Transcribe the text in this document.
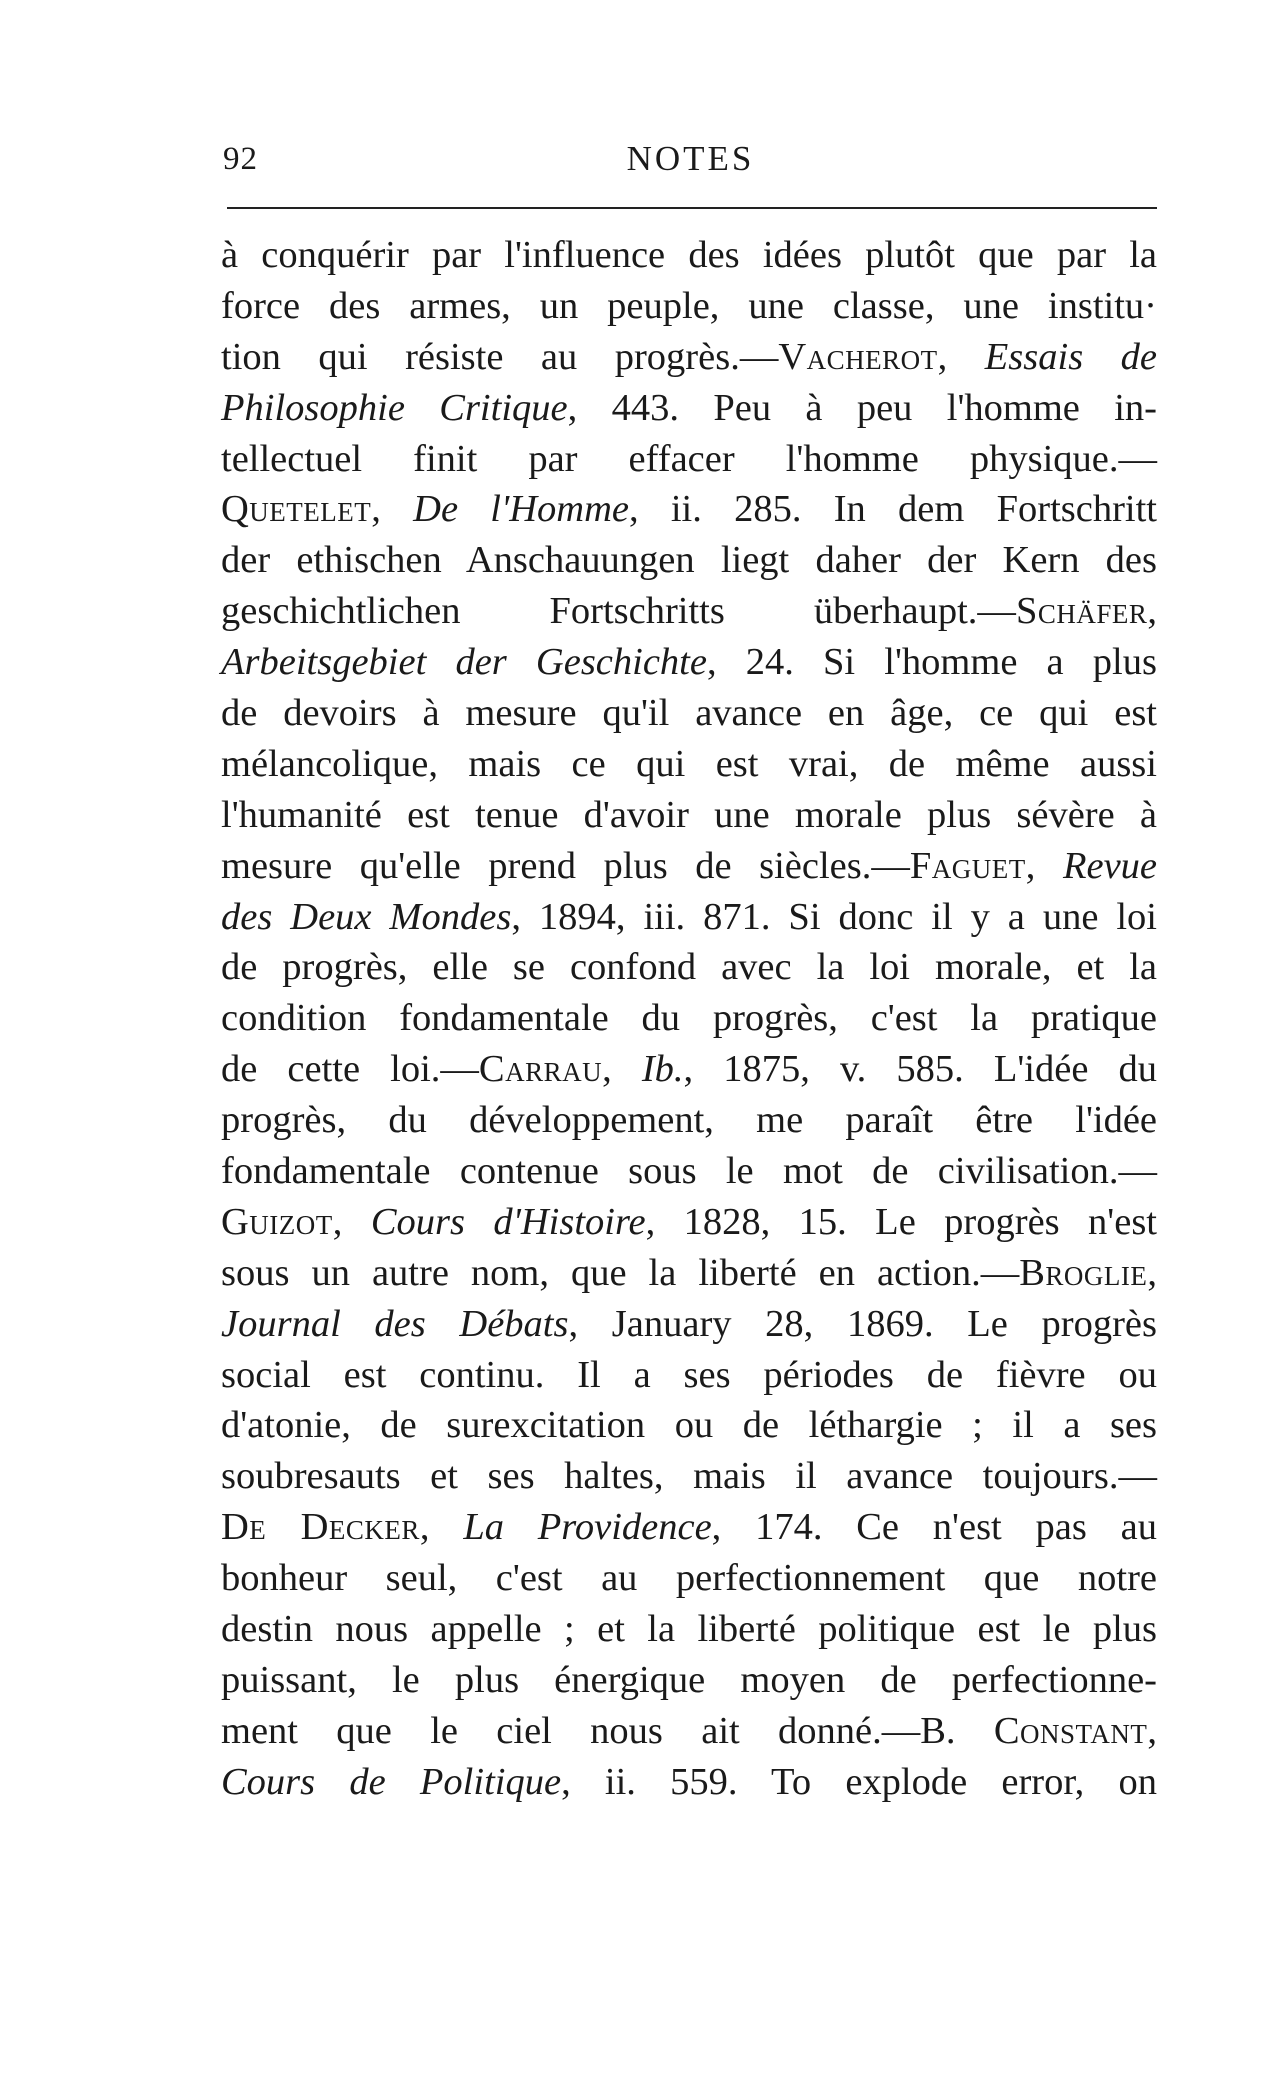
92	NOTES
à conquérir par l'influence des idées plutôt que par la
force des armes, un peuple, une classe, une institu·
tion qui résiste au progrès.—Vacherot, Essais de
Philosophie Critique, 443. Peu à peu l'homme in-
tellectuel finit par effacer l'homme physique.—
Quetelet, De l'Homme, ii. 285. In dem Fortschritt
der ethischen Anschauungen liegt daher der Kern des
geschichtlichen Fortschritts überhaupt.—Schäfer,
Arbeitsgebiet der Geschichte, 24. Si l'homme a plus
de devoirs à mesure qu'il avance en âge, ce qui est
mélancolique, mais ce qui est vrai, de même aussi
l'humanité est tenue d'avoir une morale plus sévère à
mesure qu'elle prend plus de siècles.—Faguet, Revue
des Deux Mondes, 1894, iii. 871. Si donc il y a une loi
de progrès, elle se confond avec la loi morale, et la
condition fondamentale du progrès, c'est la pratique
de cette loi.—Carrau, Ib., 1875, v. 585. L'idée du
progrès, du développement, me paraît être l'idée
fondamentale contenue sous le mot de civilisation.—
Guizot, Cours d'Histoire, 1828, 15. Le progrès n'est
sous un autre nom, que la liberté en action.—Broglie,
Journal des Débats, January 28, 1869. Le progrès
social est continu. Il a ses périodes de fièvre ou
d'atonie, de surexcitation ou de léthargie ; il a ses
soubresauts et ses haltes, mais il avance toujours.—
De Decker, La Providence, 174. Ce n'est pas au
bonheur seul, c'est au perfectionnement que notre
destin nous appelle ; et la liberté politique est le plus
puissant, le plus énergique moyen de perfectionne-
ment que le ciel nous ait donné.—B. Constant,
Cours de Politique, ii. 559. To explode error, on
